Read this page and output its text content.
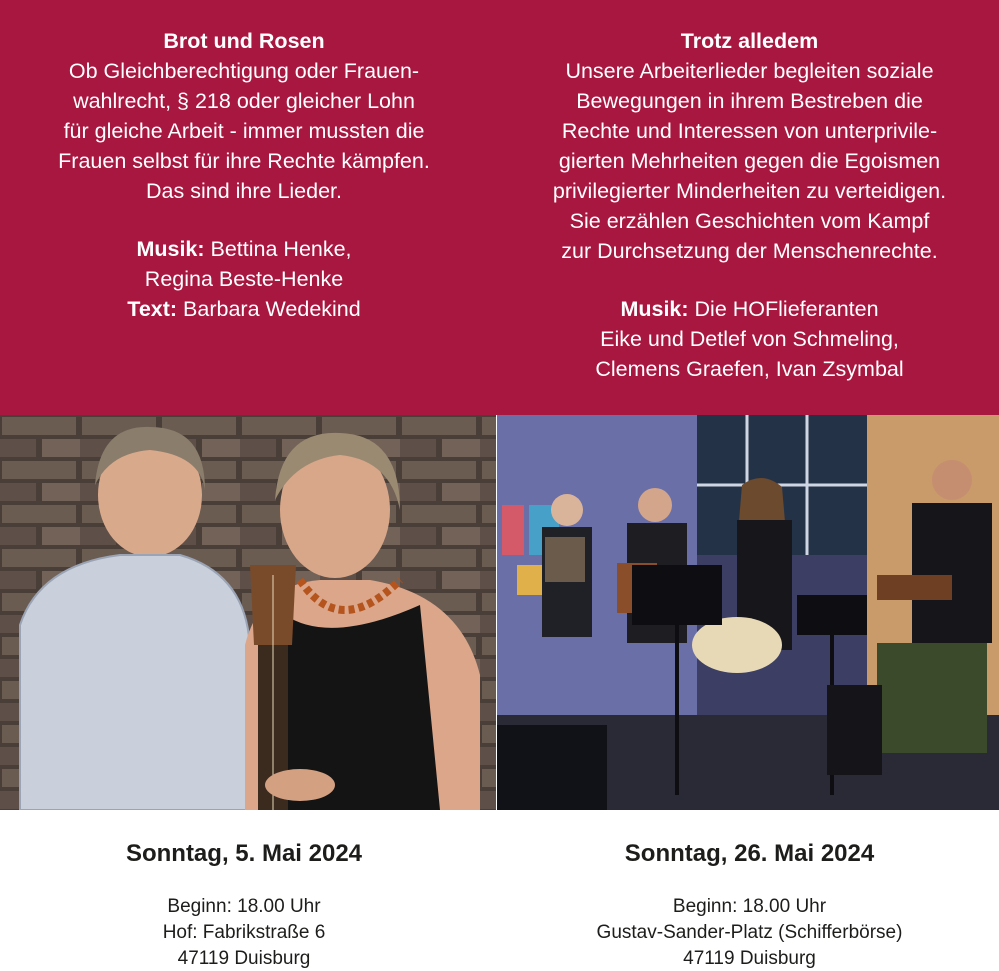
Brot und Rosen
Ob Gleichberechtigung oder Frauen-
wahlrecht, § 218 oder gleicher Lohn
für gleiche Arbeit - immer mussten die
Frauen selbst für ihre Rechte kämpfen.
Das sind ihre Lieder.
Musik: Bettina Henke,
Regina Beste-Henke
Text: Barbara Wedekind
Trotz alledem
Unsere Arbeiterlieder begleiten soziale
Bewegungen in ihrem Bestreben die
Rechte und Interessen von unterprivile-
gierten Mehrheiten gegen die Egoismen
privilegierter Minderheiten zu verteidigen.
Sie erzählen Geschichten vom Kampf
zur Durchsetzung der Menschenrechte.
Musik: Die HOFlieferanten
Eike und Detlef von Schmeling,
Clemens Graefen, Ivan Zsymbal
Sonntag, 5. Mai 2024
Beginn: 18.00 Uhr
Hof: Fabrikstraße 6
47119 Duisburg
Sonntag, 26. Mai 2024
Beginn: 18.00 Uhr
Gustav-Sander-Platz (Schifferbörse)
47119 Duisburg
